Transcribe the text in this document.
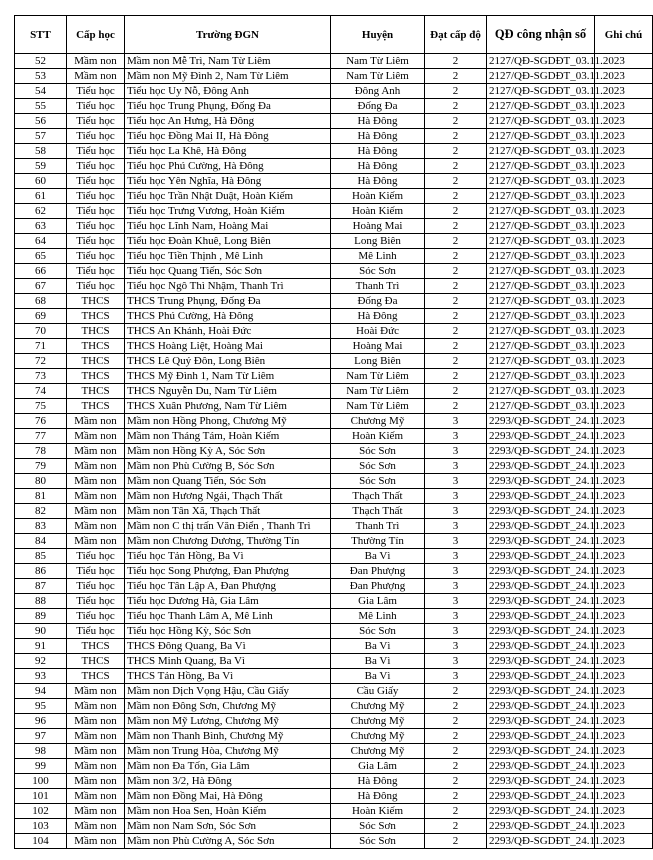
STT	Cấp học	Trường ĐGN	Huyện	Đạt cấp độ	QĐ công nhận số	Ghi chú
52	Mầm non	Mầm non Mễ Trì, Nam Từ Liêm	Nam Từ Liêm	2	2127/QĐ-SGDĐT_03.11.2023	
53	Mầm non	Mầm non Mỹ Đình 2, Nam Từ Liêm	Nam Từ Liêm	2	2127/QĐ-SGDĐT_03.11.2023	
54	Tiểu học	Tiểu học Uy Nỗ, Đông Anh	Đông Anh	2	2127/QĐ-SGDĐT_03.11.2023	
55	Tiểu học	Tiểu học Trung Phụng, Đống Đa	Đống Đa	2	2127/QĐ-SGDĐT_03.11.2023	
56	Tiểu học	Tiểu học An Hưng, Hà Đông	Hà Đông	2	2127/QĐ-SGDĐT_03.11.2023	
57	Tiểu học	Tiểu học Đồng Mai II, Hà Đông	Hà Đông	2	2127/QĐ-SGDĐT_03.11.2023	
58	Tiểu học	Tiểu học La Khê, Hà Đông	Hà Đông	2	2127/QĐ-SGDĐT_03.11.2023	
59	Tiểu học	Tiểu học Phú Cường, Hà Đông	Hà Đông	2	2127/QĐ-SGDĐT_03.11.2023	
60	Tiểu học	Tiểu học Yên Nghĩa, Hà Đông	Hà Đông	2	2127/QĐ-SGDĐT_03.11.2023	
61	Tiểu học	Tiểu học Trần Nhật Duật, Hoàn Kiếm	Hoàn Kiếm	2	2127/QĐ-SGDĐT_03.11.2023	
62	Tiểu học	Tiểu học Trưng Vương, Hoàn Kiếm	Hoàn Kiếm	2	2127/QĐ-SGDĐT_03.11.2023	
63	Tiểu học	Tiểu học Lĩnh Nam, Hoàng Mai	Hoàng Mai	2	2127/QĐ-SGDĐT_03.11.2023	
64	Tiểu học	Tiểu học Đoàn Khuê, Long Biên	Long Biên	2	2127/QĐ-SGDĐT_03.11.2023	
65	Tiểu học	Tiểu học Tiền Thịnh , Mê Linh	Mê Linh	2	2127/QĐ-SGDĐT_03.11.2023	
66	Tiểu học	Tiểu học Quang Tiến, Sóc Sơn	Sóc Sơn	2	2127/QĐ-SGDĐT_03.11.2023	
67	Tiểu học	Tiểu học Ngô Thì Nhậm, Thanh Trì	Thanh Trì	2	2127/QĐ-SGDĐT_03.11.2023	
68	THCS	THCS Trung Phụng, Đống Đa	Đống Đa	2	2127/QĐ-SGDĐT_03.11.2023	
69	THCS	THCS Phú Cường, Hà Đông	Hà Đông	2	2127/QĐ-SGDĐT_03.11.2023	
70	THCS	THCS An Khánh, Hoài Đức	Hoài Đức	2	2127/QĐ-SGDĐT_03.11.2023	
71	THCS	THCS Hoàng Liệt, Hoàng Mai	Hoàng Mai	2	2127/QĐ-SGDĐT_03.11.2023	
72	THCS	THCS Lê Quý Đôn, Long Biên	Long Biên	2	2127/QĐ-SGDĐT_03.11.2023	
73	THCS	THCS Mỹ Đình 1, Nam Từ Liêm	Nam Từ Liêm	2	2127/QĐ-SGDĐT_03.11.2023	
74	THCS	THCS Nguyễn Du, Nam Từ Liêm	Nam Từ Liêm	2	2127/QĐ-SGDĐT_03.11.2023	
75	THCS	THCS Xuân Phương, Nam Từ Liêm	Nam Từ Liêm	2	2127/QĐ-SGDĐT_03.11.2023	
76	Mầm non	Mầm non Hồng Phong, Chương Mỹ	Chương Mỹ	3	2293/QĐ-SGDĐT_24.11.2023	
77	Mầm non	Mầm non Tháng Tám, Hoàn Kiếm	Hoàn Kiếm	3	2293/QĐ-SGDĐT_24.11.2023	
78	Mầm non	Mầm non Hồng Kỳ A, Sóc Sơn	Sóc Sơn	3	2293/QĐ-SGDĐT_24.11.2023	
79	Mầm non	Mầm non Phù Cường B, Sóc Sơn	Sóc Sơn	3	2293/QĐ-SGDĐT_24.11.2023	
80	Mầm non	Mầm non Quang Tiến, Sóc Sơn	Sóc Sơn	3	2293/QĐ-SGDĐT_24.11.2023	
81	Mầm non	Mầm non Hương Ngải, Thạch Thất	Thạch Thất	3	2293/QĐ-SGDĐT_24.11.2023	
82	Mầm non	Mầm non Tân Xã, Thạch Thất	Thạch Thất	3	2293/QĐ-SGDĐT_24.11.2023	
83	Mầm non	Mầm non C thị trấn Văn Điển , Thanh Trì	Thanh Trì	3	2293/QĐ-SGDĐT_24.11.2023	
84	Mầm non	Mầm non Chương Dương, Thường Tín	Thường Tín	3	2293/QĐ-SGDĐT_24.11.2023	
85	Tiểu học	Tiểu học Tản Hồng, Ba Vì	Ba Vì	3	2293/QĐ-SGDĐT_24.11.2023	
86	Tiểu học	Tiểu học Song Phượng, Đan Phượng	Đan Phượng	3	2293/QĐ-SGDĐT_24.11.2023	
87	Tiểu học	Tiểu học Tân Lập A, Đan Phượng	Đan Phượng	3	2293/QĐ-SGDĐT_24.11.2023	
88	Tiểu học	Tiểu học Dương Hà, Gia Lâm	Gia Lâm	3	2293/QĐ-SGDĐT_24.11.2023	
89	Tiểu học	Tiểu học Thanh Lâm A, Mê Linh	Mê Linh	3	2293/QĐ-SGDĐT_24.11.2023	
90	Tiểu học	Tiểu học Hồng Kỳ, Sóc Sơn	Sóc Sơn	3	2293/QĐ-SGDĐT_24.11.2023	
91	THCS	THCS Đông Quang, Ba Vì	Ba Vì	3	2293/QĐ-SGDĐT_24.11.2023	
92	THCS	THCS Minh Quang, Ba Vì	Ba Vì	3	2293/QĐ-SGDĐT_24.11.2023	
93	THCS	THCS Tản Hồng, Ba Vì	Ba Vì	3	2293/QĐ-SGDĐT_24.11.2023	
94	Mầm non	Mầm non Dịch Vọng Hậu, Cầu Giấy	Cầu Giấy	2	2293/QĐ-SGDĐT_24.11.2023	
95	Mầm non	Mầm non Đông Sơn, Chương Mỹ	Chương Mỹ	2	2293/QĐ-SGDĐT_24.11.2023	
96	Mầm non	Mầm non Mỹ Lương, Chương Mỹ	Chương Mỹ	2	2293/QĐ-SGDĐT_24.11.2023	
97	Mầm non	Mầm non Thanh Bình, Chương Mỹ	Chương Mỹ	2	2293/QĐ-SGDĐT_24.11.2023	
98	Mầm non	Mầm non Trung Hòa, Chương Mỹ	Chương Mỹ	2	2293/QĐ-SGDĐT_24.11.2023	
99	Mầm non	Mầm non Đa Tốn, Gia Lâm	Gia Lâm	2	2293/QĐ-SGDĐT_24.11.2023	
100	Mầm non	Mầm non 3/2, Hà Đông	Hà Đông	2	2293/QĐ-SGDĐT_24.11.2023	
101	Mầm non	Mầm non Đồng Mai, Hà Đông	Hà Đông	2	2293/QĐ-SGDĐT_24.11.2023	
102	Mầm non	Mầm non Hoa Sen, Hoàn Kiếm	Hoàn Kiếm	2	2293/QĐ-SGDĐT_24.11.2023	
103	Mầm non	Mầm non Nam Sơn, Sóc Sơn	Sóc Sơn	2	2293/QĐ-SGDĐT_24.11.2023	
104	Mầm non	Mầm non Phù Cường A, Sóc Sơn	Sóc Sơn	2	2293/QĐ-SGDĐT_24.11.2023	
